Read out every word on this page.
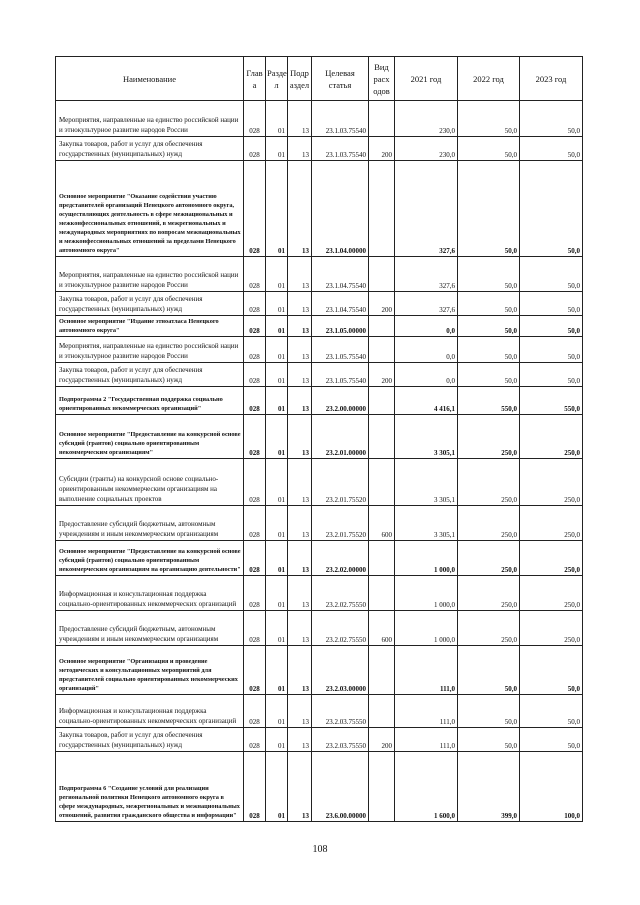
Наименование	Глав а	Разде л	Подр аздел	Целевая статья	Вид расх одов	2021 год	2022 год	2023 год
Мероприятия, направленные на единство российской нации и этнокультурное развитие народов России	028	01	13	23.1.03.75540		230,0	50,0	50,0
Закупка товаров, работ и услуг для обеспечения государственных (муниципальных) нужд	028	01	13	23.1.03.75540	200	230,0	50,0	50,0
Основное мероприятие "Оказание содействия участию представителей организаций Ненецкого автономного округа, осуществляющих деятельность в сфере межнациональных и межконфессиональных отношений, в межрегиональных и международных мероприятиях по вопросам межнациональных и межконфессиональных отношений за пределами Ненецкого автономного округа"	028	01	13	23.1.04.00000		327,6	50,0	50,0
Мероприятия, направленные на единство российской нации и этнокультурное развитие народов России	028	01	13	23.1.04.75540		327,6	50,0	50,0
Закупка товаров, работ и услуг для обеспечения государственных (муниципальных) нужд	028	01	13	23.1.04.75540	200	327,6	50,0	50,0
Основное мероприятие "Издание этноатласа Ненецкого автономного округа"	028	01	13	23.1.05.00000		0,0	50,0	50,0
Мероприятия, направленные на единство российской нации и этнокультурное развитие народов России	028	01	13	23.1.05.75540		0,0	50,0	50,0
Закупка товаров, работ и услуг для обеспечения государственных (муниципальных) нужд	028	01	13	23.1.05.75540	200	0,0	50,0	50,0
Подпрограмма 2 "Государственная поддержка социально ориентированных некоммерческих организаций"	028	01	13	23.2.00.00000		4 416,1	550,0	550,0
Основное мероприятие "Предоставление на конкурсной основе субсидий (грантов) социально ориентированным некоммерческим организациям"	028	01	13	23.2.01.00000		3 305,1	250,0	250,0
Субсидии (гранты) на конкурсной основе социально-ориентированным некоммерческим организациям на выполнение социальных проектов	028	01	13	23.2.01.75520		3 305,1	250,0	250,0
Предоставление субсидий бюджетным, автономным учреждениям и иным некоммерческим организациям	028	01	13	23.2.01.75520	600	3 305,1	250,0	250,0
Основное мероприятие "Предоставление на конкурсной основе субсидий (грантов) социально ориентированным некоммерческим организациям на организацию деятельности"	028	01	13	23.2.02.00000		1 000,0	250,0	250,0
Информационная и консультационная поддержка социально-ориентированных некоммерческих организаций	028	01	13	23.2.02.75550		1 000,0	250,0	250,0
Предоставление субсидий бюджетным, автономным учреждениям и иным некоммерческим организациям	028	01	13	23.2.02.75550	600	1 000,0	250,0	250,0
Основное мероприятие "Организация и проведение методических и консультационных мероприятий для представителей социально ориентированных некоммерческих организаций"	028	01	13	23.2.03.00000		111,0	50,0	50,0
Информационная и консультационная поддержка социально-ориентированных некоммерческих организаций	028	01	13	23.2.03.75550		111,0	50,0	50,0
Закупка товаров, работ и услуг для обеспечения государственных (муниципальных) нужд	028	01	13	23.2.03.75550	200	111,0	50,0	50,0
Подпрограмма 6 "Создание условий для реализации региональной политики Ненецкого автономного округа в сфере международных, межрегиональных и межнациональных отношений, развития гражданского общества и информации"	028	01	13	23.6.00.00000		1 600,0	399,0	100,0
108
